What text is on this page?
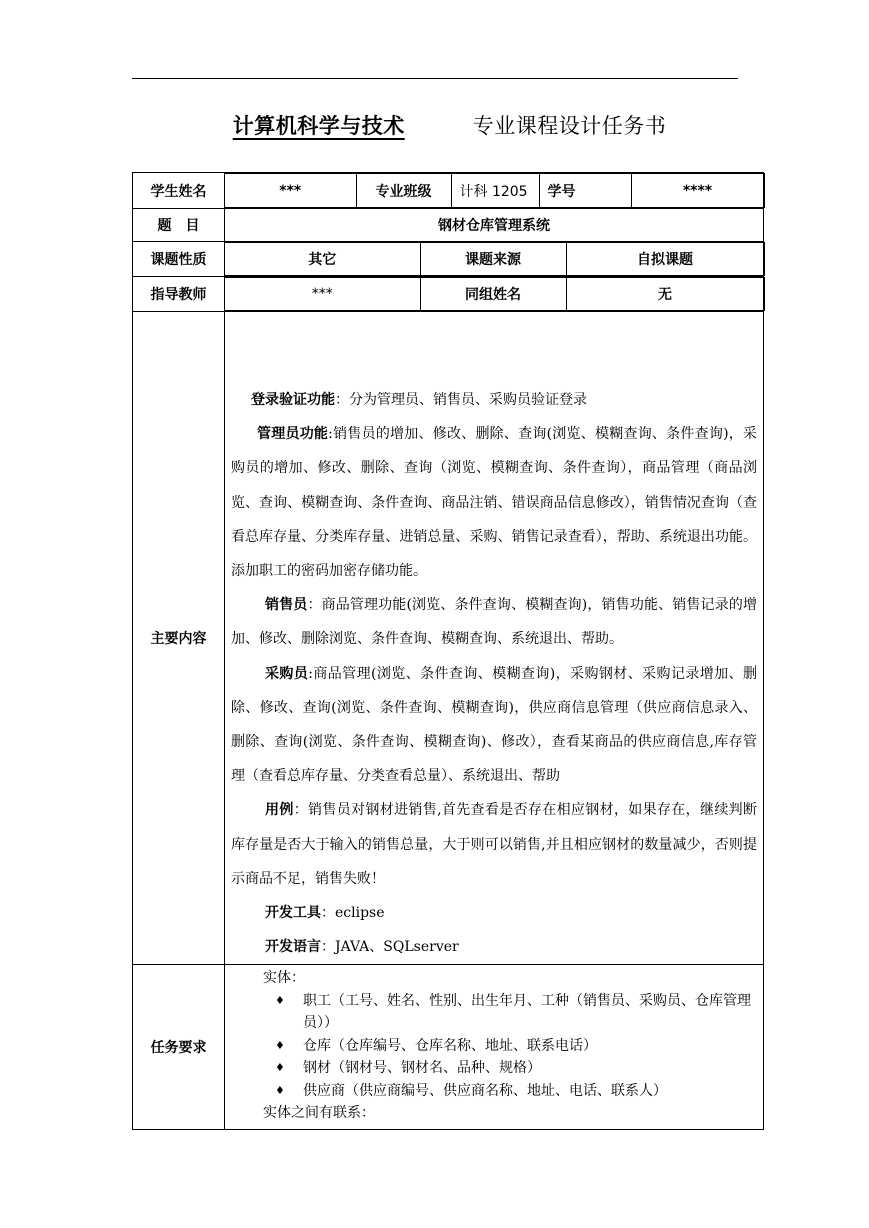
计算机科学与技术	专业课程设计任务书
学生姓名		***	专业班级	计科 1205	学号	****

题　目	钢材仓库管理系统
课题性质		其它	课题来源	自拟课题

指导教师		***	同组姓名	无

主要内容	

登录验证功能：分为管理员、销售员、采购员验证登录

管理员功能:销售员的增加、修改、删除、查询(浏览、模糊查询、条件查询)，采购员的增加、修改、删除、查询（浏览、模糊查询、条件查询），商品管理（商品浏览、查询、模糊查询、条件查询、商品注销、错误商品信息修改），销售情况查询（查看总库存量、分类库存量、进销总量、采购、销售记录查看），帮助、系统退出功能。添加职工的密码加密存储功能。

销售员：商品管理功能(浏览、条件查询、模糊查询)，销售功能、销售记录的增加、修改、删除浏览、条件查询、模糊查询、系统退出、帮助。

采购员:商品管理(浏览、条件查询、模糊查询)，采购钢材、采购记录增加、删除、修改、查询(浏览、条件查询、模糊查询)，供应商信息管理（供应商信息录入、删除、查询(浏览、条件查询、模糊查询)、修改），查看某商品的供应商信息,库存管理（查看总库存量、分类查看总量）、系统退出、帮助

用例：销售员对钢材进销售,首先查看是否存在相应钢材，如果存在，继续判断库存量是否大于输入的销售总量，大于则可以销售,并且相应钢材的数量减少，否则提示商品不足，销售失败！

开发工具：eclipse

开发语言：JAVA、SQLserver

任务要求	
实体：
♦	职工（工号、姓名、性别、出生年月、工种（销售员、采购员、仓库管理员））
♦	仓库（仓库编号、仓库名称、地址、联系电话）
♦	钢材（钢材号、钢材名、品种、规格）
♦	供应商（供应商编号、供应商名称、地址、电话、联系人）
实体之间有联系：
